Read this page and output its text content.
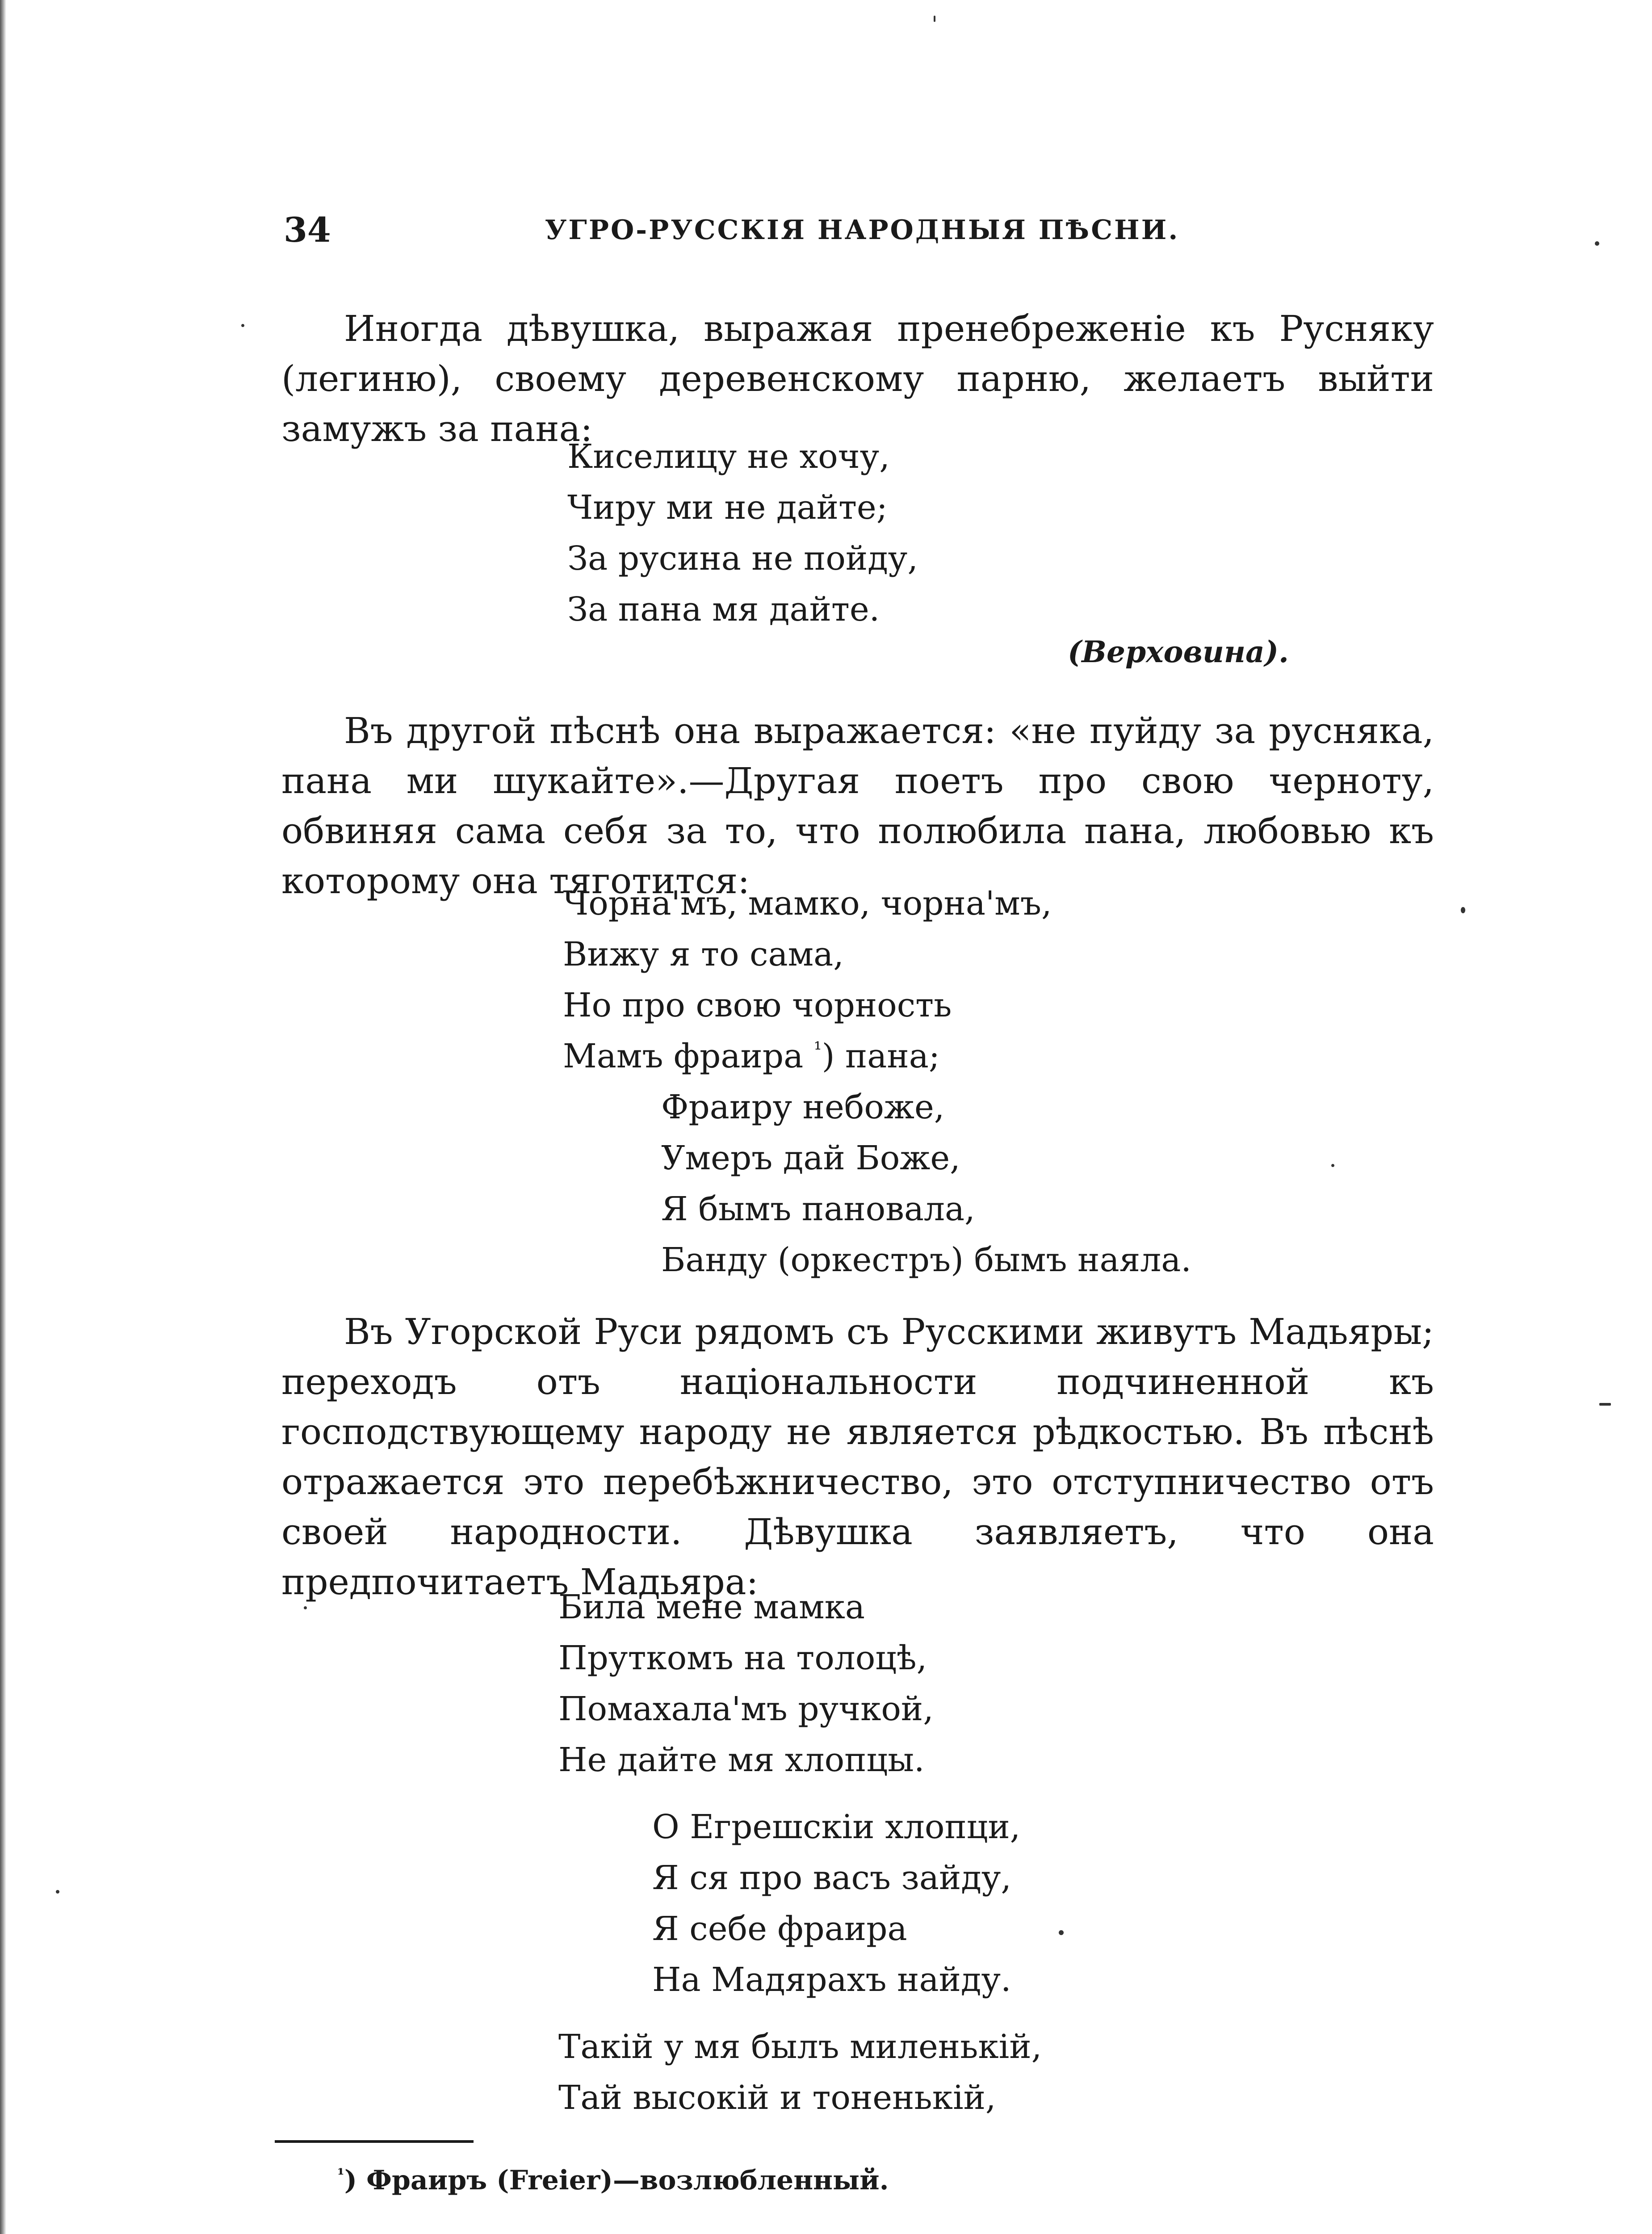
34	УГРО-РУССКІЯ НАРОДНЫЯ ПѢСНИ.

Иногда дѣвушка, выражая пренебреженіе къ Русняку (легиню), своему деревенскому парню, желаетъ выйти замужъ за пана:

Киселицу не хочу,
Чиру ми не дайте;
За русина не пойду,
За пана мя дайте.
(Верховина).

Въ другой пѣснѣ она выражается: «не пуйду за русняка, пана ми шукайте».—Другая поетъ про свою черноту, обвиняя сама себя за то, что полюбила пана, любовью къ которому она тяготится:

Чорна'мъ, мамко, чорна'мъ,
Вижу я то сама,
Но про свою чорность
Мамъ фраира $^{^1}$) пана;
Фраиру небоже,
Умеръ дай Боже,
Я бымъ пановала,
Банду (оркестръ) бымъ наяла.

Въ Угорской Руси рядомъ съ Русскими живутъ Мадьяры; переходъ отъ національности подчиненной къ господствующему народу не является рѣдкостью. Въ пѣснѣ отражается это перебѣжничество, это отступничество отъ своей народности. Дѣвушка заявляетъ, что она предпочитаетъ Мадьяра:

Била мене мамка
Пруткомъ на толоцѣ,
Помахала'мъ ручкой,
Не дайте мя хлопцы.
О Егрешскіи хлопци,
Я ся про васъ зайду,
Я себе фраира
На Мадярахъ найду.
Такій у мя былъ миленькій,
Тай высокій и тоненькій,
$^{^1}$) Фраиръ (Freier)—возлюбленный.
